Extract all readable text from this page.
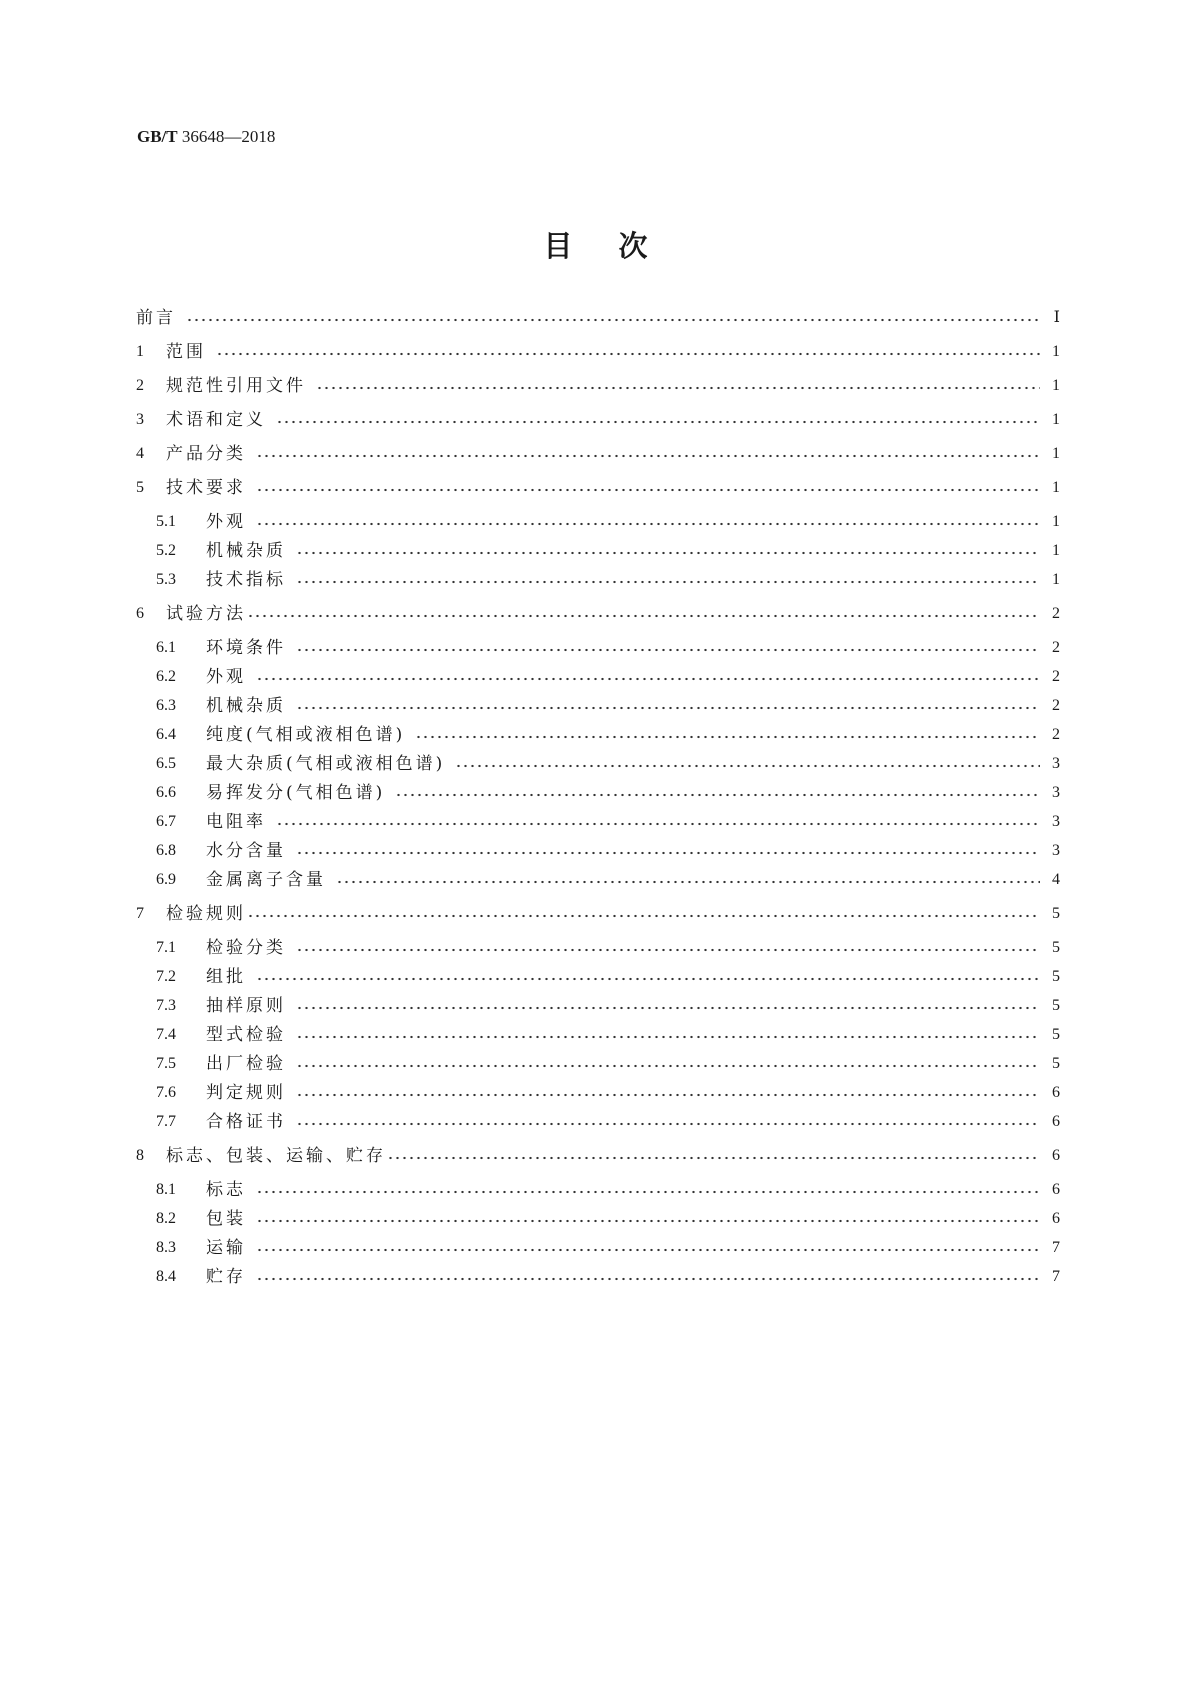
GB/T 36648—2018
目次
前言	Ⅰ
1	范围	1
2	规范性引用文件	1
3	术语和定义	1
4	产品分类	1
5	技术要求	1
5.1	外观	1
5.2	机械杂质	1
5.3	技术指标	1
6	试验方法	2
6.1	环境条件	2
6.2	外观	2
6.3	机械杂质	2
6.4	纯度(气相或液相色谱)	2
6.5	最大杂质(气相或液相色谱)	3
6.6	易挥发分(气相色谱)	3
6.7	电阻率	3
6.8	水分含量	3
6.9	金属离子含量	4
7	检验规则	5
7.1	检验分类	5
7.2	组批	5
7.3	抽样原则	5
7.4	型式检验	5
7.5	出厂检验	5
7.6	判定规则	6
7.7	合格证书	6
8	标志、包装、运输、贮存	6
8.1	标志	6
8.2	包装	6
8.3	运输	7
8.4	贮存	7
